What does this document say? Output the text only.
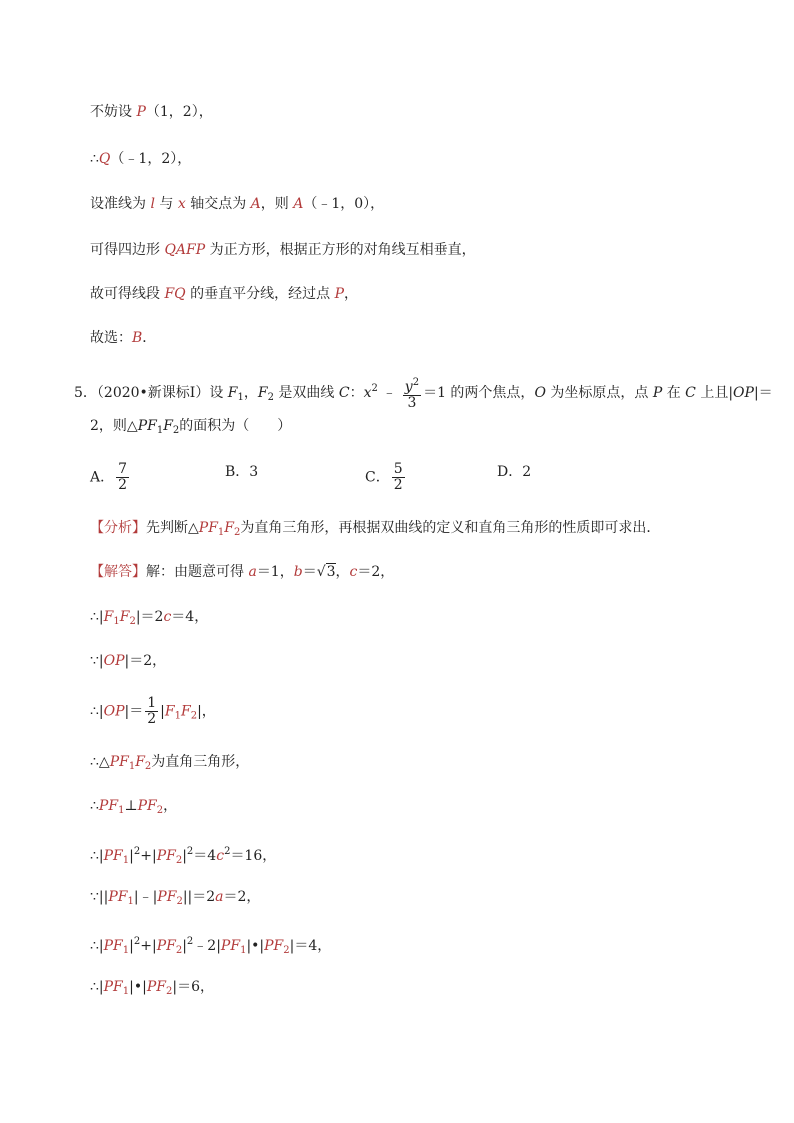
不妨设 P（1，2），
∴Q（﹣1，2），
设准线为 l 与 x 轴交点为 A，则 A（﹣1，0），
可得四边形 QAFP 为正方形，根据正方形的对角线互相垂直，
故可得线段 FQ 的垂直平分线，经过点 P，
故选：B．
5．（2020•新课标Ⅰ）设 $F_1$，$F_2$ 是双曲线 C：$x^2$ ﹣ $\frac{y^2}{3} =1$ 的两个焦点，O 为坐标原点，点 P 在 C 上且|OP|＝
2，则$\triangle PF_1F_2$的面积为（　　）
A． $\frac{7}{2}$	B．3	C． $\frac{5}{2}$	D．2
【分析】先判断$\triangle PF_1F_2$为直角三角形，再根据双曲线的定义和直角三角形的性质即可求出．
【解答】解：由题意可得 a＝1，b＝√3，c＝2，
$\therefore|F_1F_2|=2c=4$，
∵|OP|＝2，
∴|OP|＝ $\frac{1}{2} |F_1F_2|$，
$\therefore\triangle PF_1F_2$为直角三角形，
$\therefore PF_1\perp PF_2$，
$\therefore|PF_1|^2+|PF_2|^2=4c^2=16$，
$\because||PF_1|﹣|PF_2||=2a=2$，
$\therefore|PF_1|^2+|PF_2|^2﹣2|PF_1|•|PF_2|=4$，
$\therefore|PF_1|•|PF_2|=6$，
